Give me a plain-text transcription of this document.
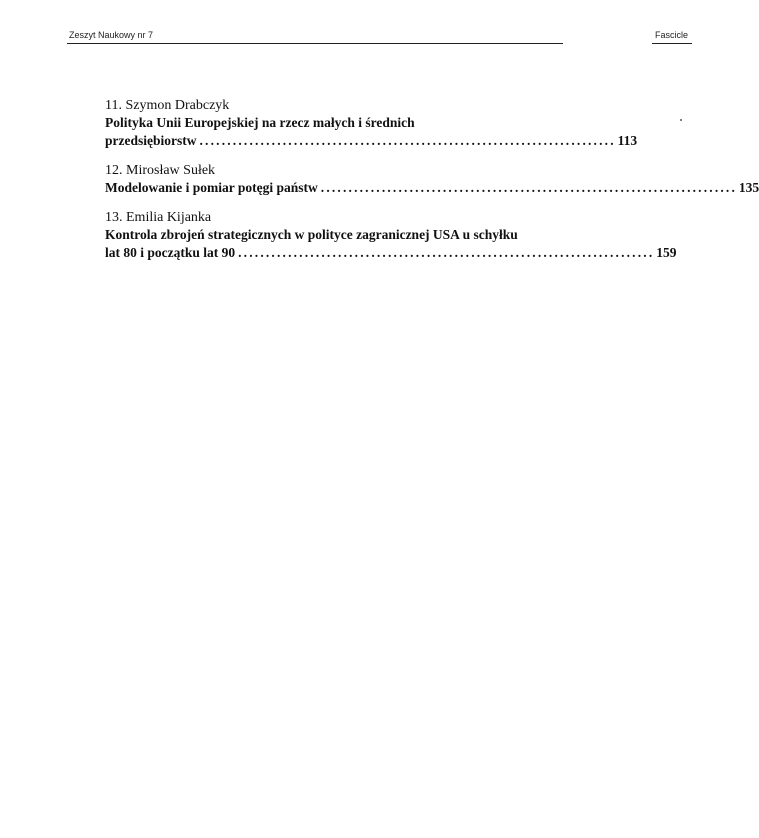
Zeszyt Naukowy nr 7	Fascicle
11. Szymon Drabczyk
Polityka Unii Europejskiej na rzecz małych i średnich
przedsiębiorstw . . .	113
12. Mirosław Sułek
Modelowanie i pomiar potęgi państw . . .	135
13. Emilia Kijanka
Kontrola zbrojeń strategicznych w polityce zagranicznej USA u schyłku
lat 80 i początku lat 90 . . .	159
